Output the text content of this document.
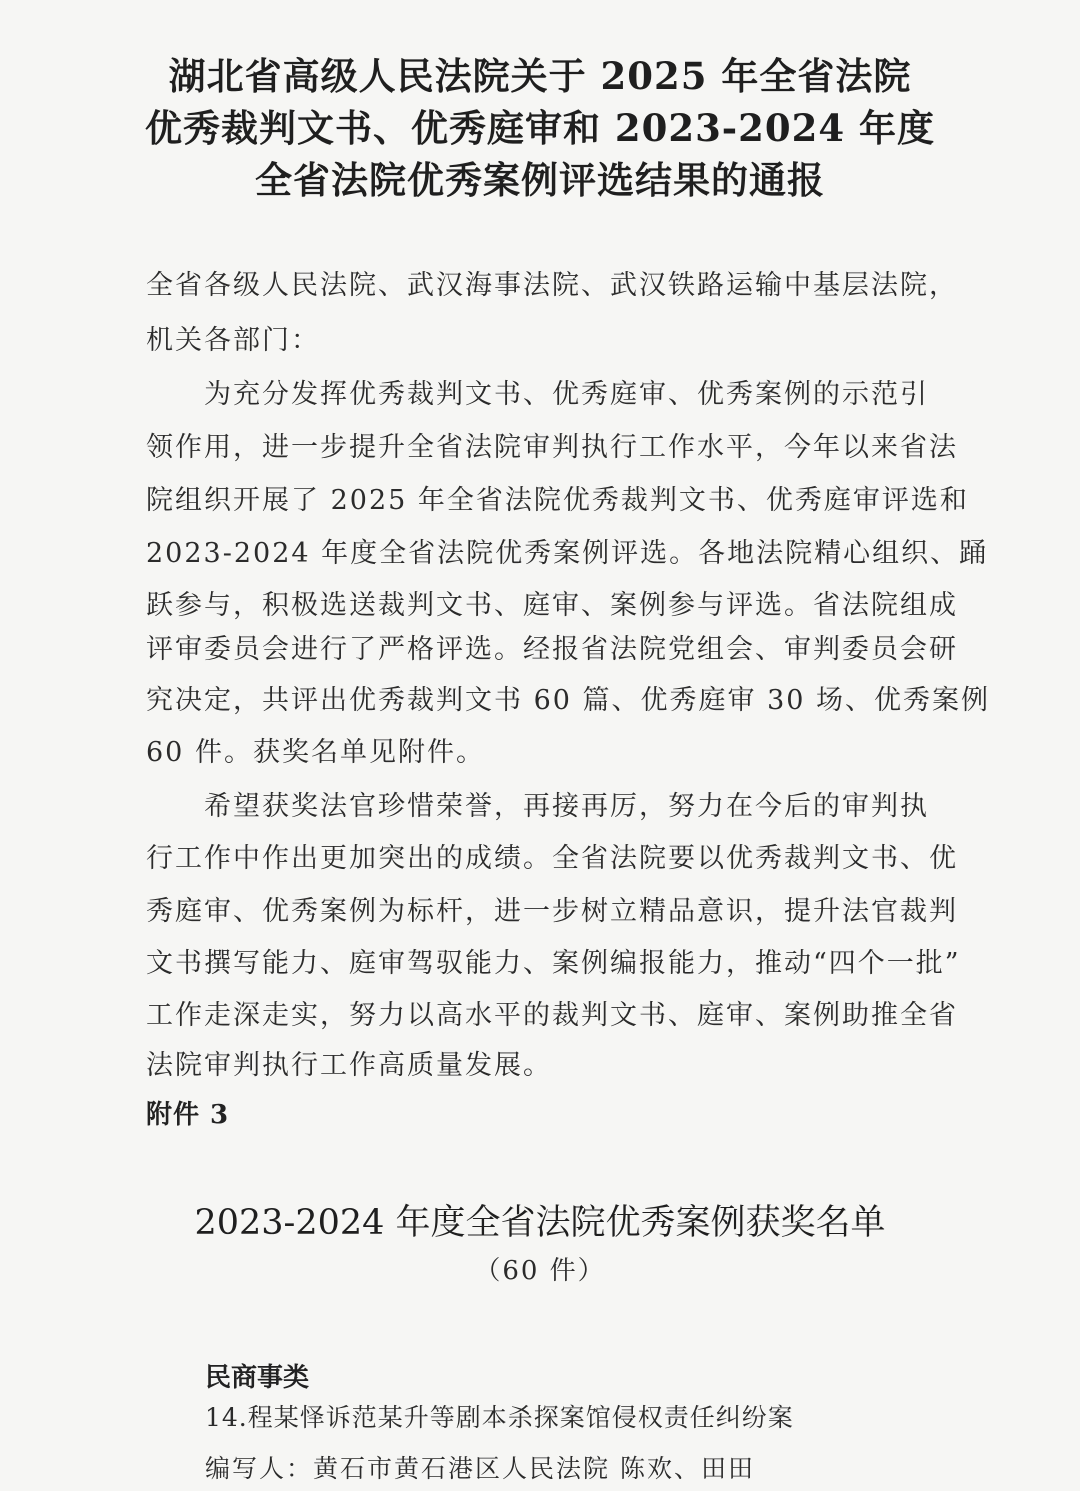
湖北省高级人民法院关于 2025 年全省法院
优秀裁判文书、优秀庭审和 2023-2024 年度
全省法院优秀案例评选结果的通报
全省各级人民法院、武汉海事法院、武汉铁路运输中基层法院，
机关各部门：
为充分发挥优秀裁判文书、优秀庭审、优秀案例的示范引
领作用，进一步提升全省法院审判执行工作水平，今年以来省法
院组织开展了 2025 年全省法院优秀裁判文书、优秀庭审评选和
2023-2024 年度全省法院优秀案例评选。各地法院精心组织、踊
跃参与，积极选送裁判文书、庭审、案例参与评选。省法院组成
评审委员会进行了严格评选。经报省法院党组会、审判委员会研
究决定，共评出优秀裁判文书 60 篇、优秀庭审 30 场、优秀案例
60 件。获奖名单见附件。
希望获奖法官珍惜荣誉，再接再厉，努力在今后的审判执
行工作中作出更加突出的成绩。全省法院要以优秀裁判文书、优
秀庭审、优秀案例为标杆，进一步树立精品意识，提升法官裁判
文书撰写能力、庭审驾驭能力、案例编报能力，推动“四个一批”
工作走深走实，努力以高水平的裁判文书、庭审、案例助推全省
法院审判执行工作高质量发展。
附件 3
2023-2024 年度全省法院优秀案例获奖名单
（60 件）
民商事类
14.程某怿诉范某升等剧本杀探案馆侵权责任纠纷案
编写人：黄石市黄石港区人民法院 陈欢、田田
